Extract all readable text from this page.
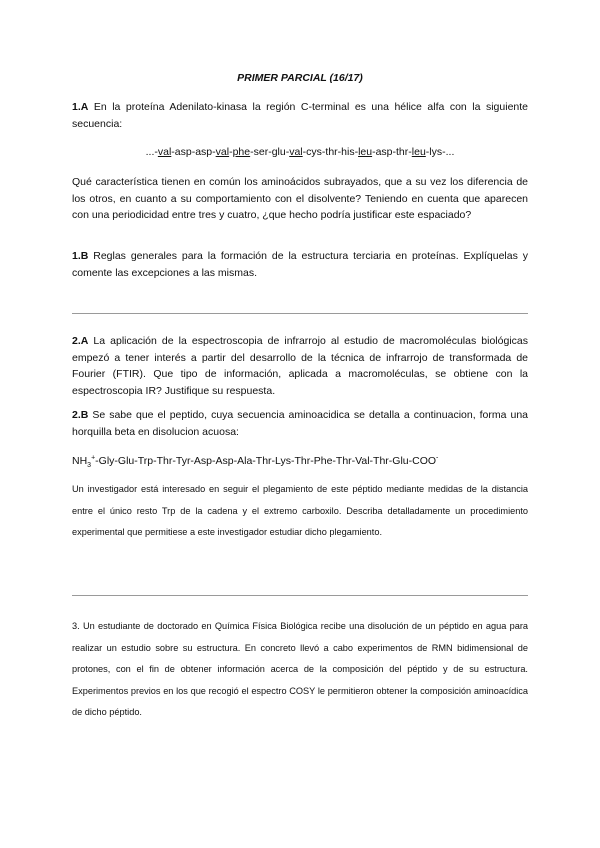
PRIMER PARCIAL (16/17)
1.A En la proteína Adenilato-kinasa la región C-terminal es una hélice alfa con la siguiente secuencia:
...-val-asp-asp-val-phe-ser-glu-val-cys-thr-his-leu-asp-thr-leu-lys-...
Qué característica tienen en común los aminoácidos subrayados, que a su vez los diferencia de los otros, en cuanto a su comportamiento con el disolvente? Teniendo en cuenta que aparecen con una periodicidad entre tres y cuatro, ¿que hecho podría justificar este espaciado?
1.B Reglas generales para la formación de la estructura terciaria en proteínas. Explíquelas y comente las excepciones a las mismas.
2.A La aplicación de la espectroscopia de infrarrojo al estudio de macromoléculas biológicas empezó a tener interés a partir del desarrollo de la técnica de infrarrojo de transformada de Fourier (FTIR). Que tipo de información, aplicada a macromoléculas, se obtiene con la espectroscopia IR? Justifique su respuesta.
2.B Se sabe que el peptido, cuya secuencia aminoacidica se detalla a continuacion, forma una horquilla beta en disolucion acuosa:
$NH_3^+-Gly-Glu-Trp-Thr-Tyr-Asp-Asp-Ala-Thr-Lys-Thr-Phe-Thr-Val-Thr-Glu-COO^-$
Un investigador está interesado en seguir el plegamiento de este péptido mediante medidas de la distancia entre el único resto Trp de la cadena y el extremo carboxilo. Describa detalladamente un procedimiento experimental que permitiese a este investigador estudiar dicho plegamiento.
3. Un estudiante de doctorado en Química Física Biológica recibe una disolución de un péptido en agua para realizar un estudio sobre su estructura. En concreto llevó a cabo experimentos de RMN bidimensional de protones, con el fin de obtener información acerca de la composición del péptido y de su estructura. Experimentos previos en los que recogió el espectro COSY le permitieron obtener la composición aminoacídica de dicho péptido.
